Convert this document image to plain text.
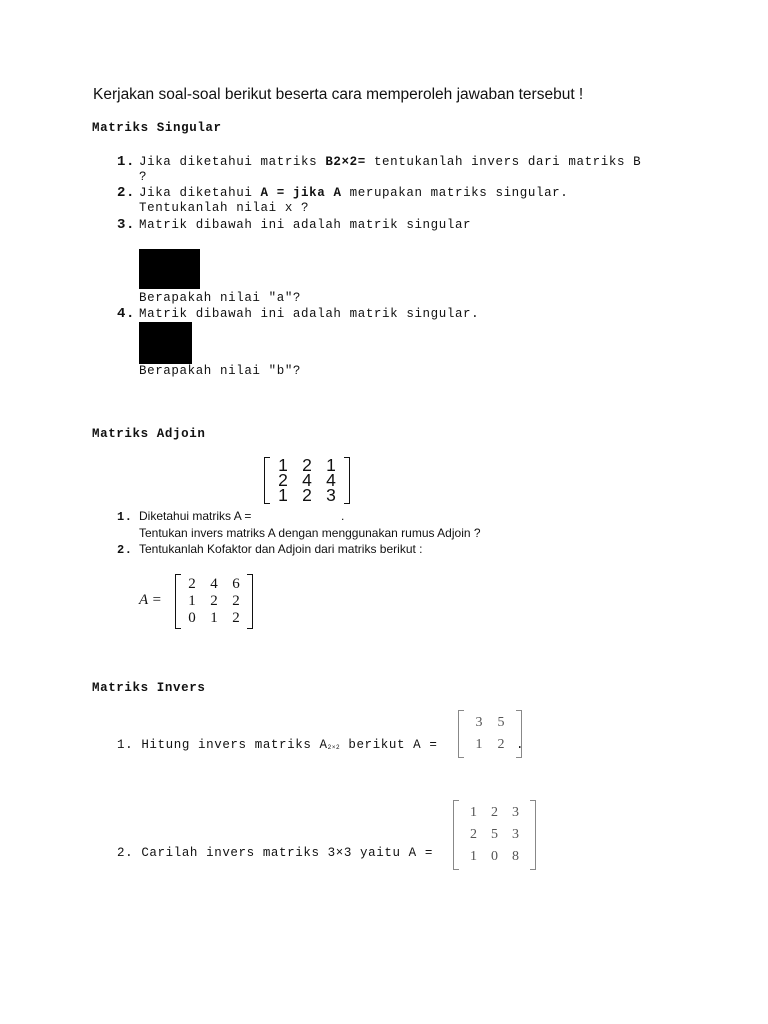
Kerjakan soal-soal berikut beserta cara memperoleh jawaban tersebut !
Matriks Singular
1. Jika diketahui matriks B2×2= tentukanlah invers dari matriks B
?
2. Jika diketahui A = jika A merupakan matriks singular.
Tentukanlah nilai x ?
3. Matrik dibawah ini adalah matrik singular
Berapakah nilai "a"?
4. Matrik dibawah ini adalah matrik singular.
Berapakah nilai "b"?
Matriks Adjoin
1 2 1
2 4 4
1 2 3
1. Diketahui matriks A =	.
Tentukan invers matriks A dengan menggunakan rumus Adjoin ?
2. Tentukanlah Kofaktor dan Adjoin dari matriks berikut :
A =
2 4 6
1 2 2
0 1 2
Matriks Invers
1. Hitung invers matriks A2×2 berikut A =
3	5
1	2 .
2. Carilah invers matriks 3×3 yaitu A =
1	2	3
2	5	3
1	0	8
